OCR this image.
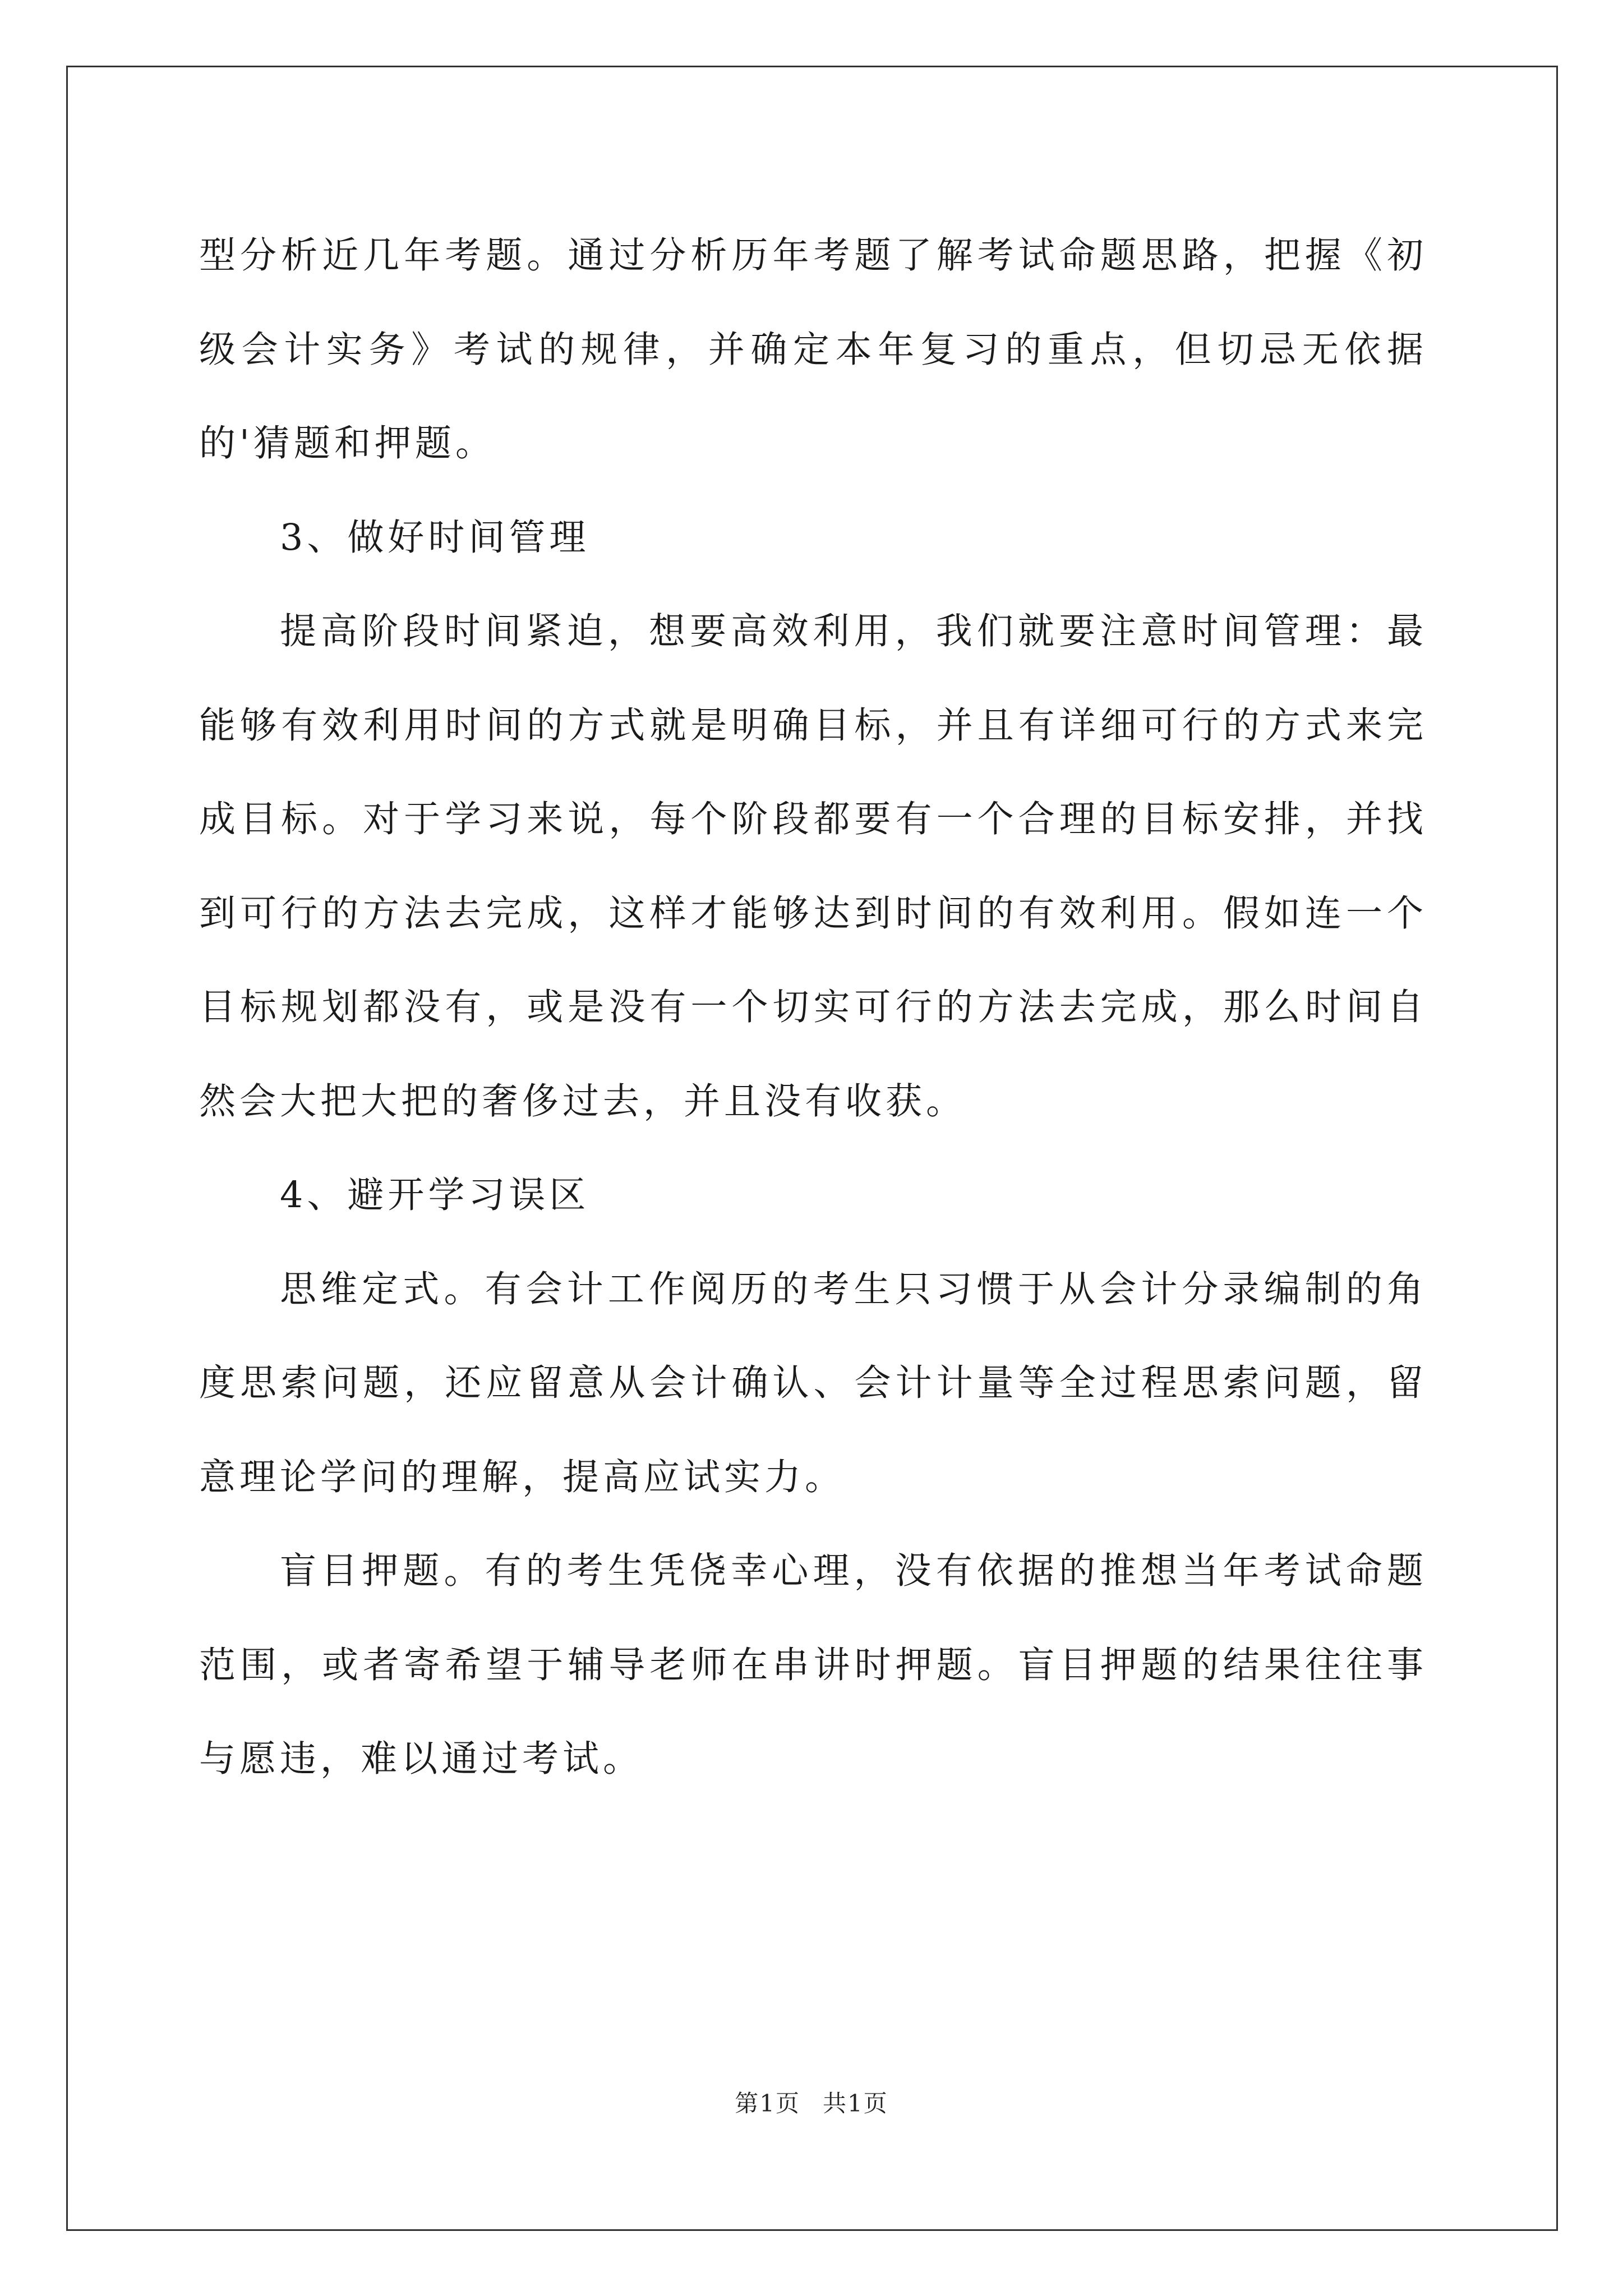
型分析近几年考题。通过分析历年考题了解考试命题思路，把握《初级会计实务》考试的规律，并确定本年复习的重点，但切忌无依据的'猜题和押题。

3、做好时间管理

提高阶段时间紧迫，想要高效利用，我们就要注意时间管理：最能够有效利用时间的方式就是明确目标，并且有详细可行的方式来完成目标。对于学习来说，每个阶段都要有一个合理的目标安排，并找到可行的方法去完成，这样才能够达到时间的有效利用。假如连一个目标规划都没有，或是没有一个切实可行的方法去完成，那么时间自然会大把大把的奢侈过去，并且没有收获。

4、避开学习误区

思维定式。有会计工作阅历的考生只习惯于从会计分录编制的角度思索问题，还应留意从会计确认、会计计量等全过程思索问题，留意理论学问的理解，提高应试实力。

盲目押题。有的考生凭侥幸心理，没有依据的推想当年考试命题范围，或者寄希望于辅导老师在串讲时押题。盲目押题的结果往往事与愿违，难以通过考试。

第1页 共1页
